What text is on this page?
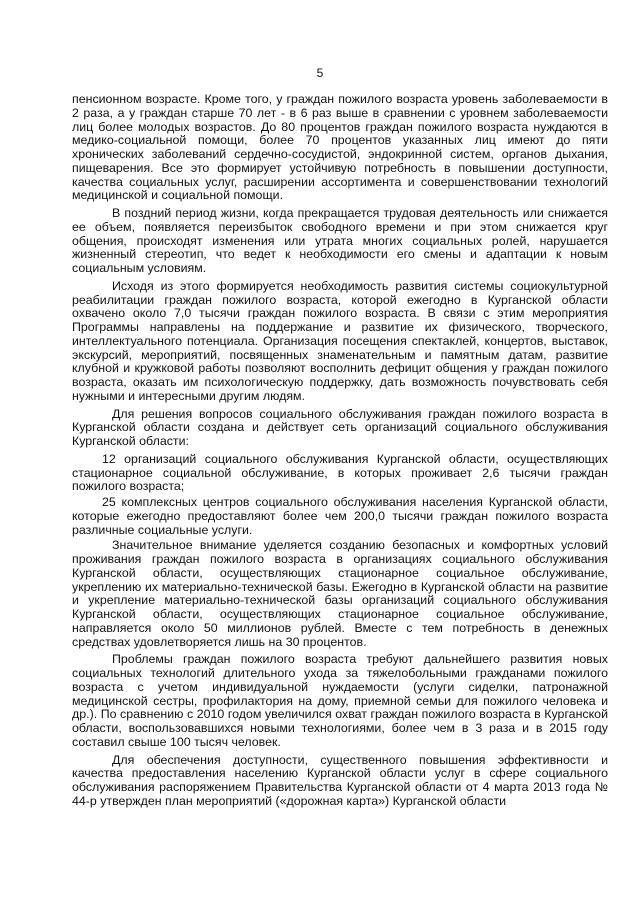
5

пенсионном возрасте. Кроме того, у граждан пожилого возраста уровень заболеваемости в 2 раза, а у граждан старше 70 лет - в 6 раз выше в сравнении с уровнем заболеваемости лиц более молодых возрастов. До 80 процентов граждан пожилого возраста нуждаются в медико-социальной помощи, более 70 процентов указанных лиц имеют до пяти хронических заболеваний сердечно-сосудистой, эндокринной систем, органов дыхания, пищеварения. Все это формирует устойчивую потребность в повышении доступности, качества социальных услуг, расширении ассортимента и совершенствовании технологий медицинской и социальной помощи.

В поздний период жизни, когда прекращается трудовая деятельность или снижается ее объем, появляется переизбыток свободного времени и при этом снижается круг общения, происходят изменения или утрата многих социальных ролей, нарушается жизненный стереотип, что ведет к необходимости его смены и адаптации к новым социальным условиям.

Исходя из этого формируется необходимость развития системы социокультурной реабилитации граждан пожилого возраста, которой ежегодно в Курганской области охвачено около 7,0 тысячи граждан пожилого возраста. В связи с этим мероприятия Программы направлены на поддержание и развитие их физического, творческого, интеллектуального потенциала. Организация посещения спектаклей, концертов, выставок, экскурсий, мероприятий, посвященных знаменательным и памятным датам, развитие клубной и кружковой работы позволяют восполнить дефицит общения у граждан пожилого возраста, оказать им психологическую поддержку, дать возможность почувствовать себя нужными и интересными другим людям.

Для решения вопросов социального обслуживания граждан пожилого возраста в Курганской области создана и действует сеть организаций социального обслуживания Курганской области:

12 организаций социального обслуживания Курганской области, осуществляющих стационарное социальной обслуживание, в которых проживает 2,6 тысячи граждан пожилого возраста;

25 комплексных центров социального обслуживания населения Курганской области, которые ежегодно предоставляют более чем 200,0 тысячи граждан пожилого возраста различные социальные услуги.

Значительное внимание уделяется созданию безопасных и комфортных условий проживания граждан пожилого возраста в организациях социального обслуживания Курганской области, осуществляющих стационарное социальное обслуживание, укреплению их материально-технической базы. Ежегодно в Курганской области на развитие и укрепление материально-технической базы организаций социального обслуживания Курганской области, осуществляющих стационарное социальное обслуживание, направляется около 50 миллионов рублей. Вместе с тем потребность в денежных средствах удовлетворяется лишь на 30 процентов.

Проблемы граждан пожилого возраста требуют дальнейшего развития новых социальных технологий длительного ухода за тяжелобольными гражданами пожилого возраста с учетом индивидуальной нуждаемости (услуги сиделки, патронажной медицинской сестры, профилактория на дому, приемной семьи для пожилого человека и др.). По сравнению с 2010 годом увеличился охват граждан пожилого возраста в Курганской области, воспользовавшихся новыми технологиями, более чем в 3 раза и в 2015 году составил свыше 100 тысяч человек.

Для обеспечения доступности, существенного повышения эффективности и качества предоставления населению Курганской области услуг в сфере социального обслуживания распоряжением Правительства Курганской области от 4 марта 2013 года № 44-р утвержден план мероприятий («дорожная карта») Курганской области
